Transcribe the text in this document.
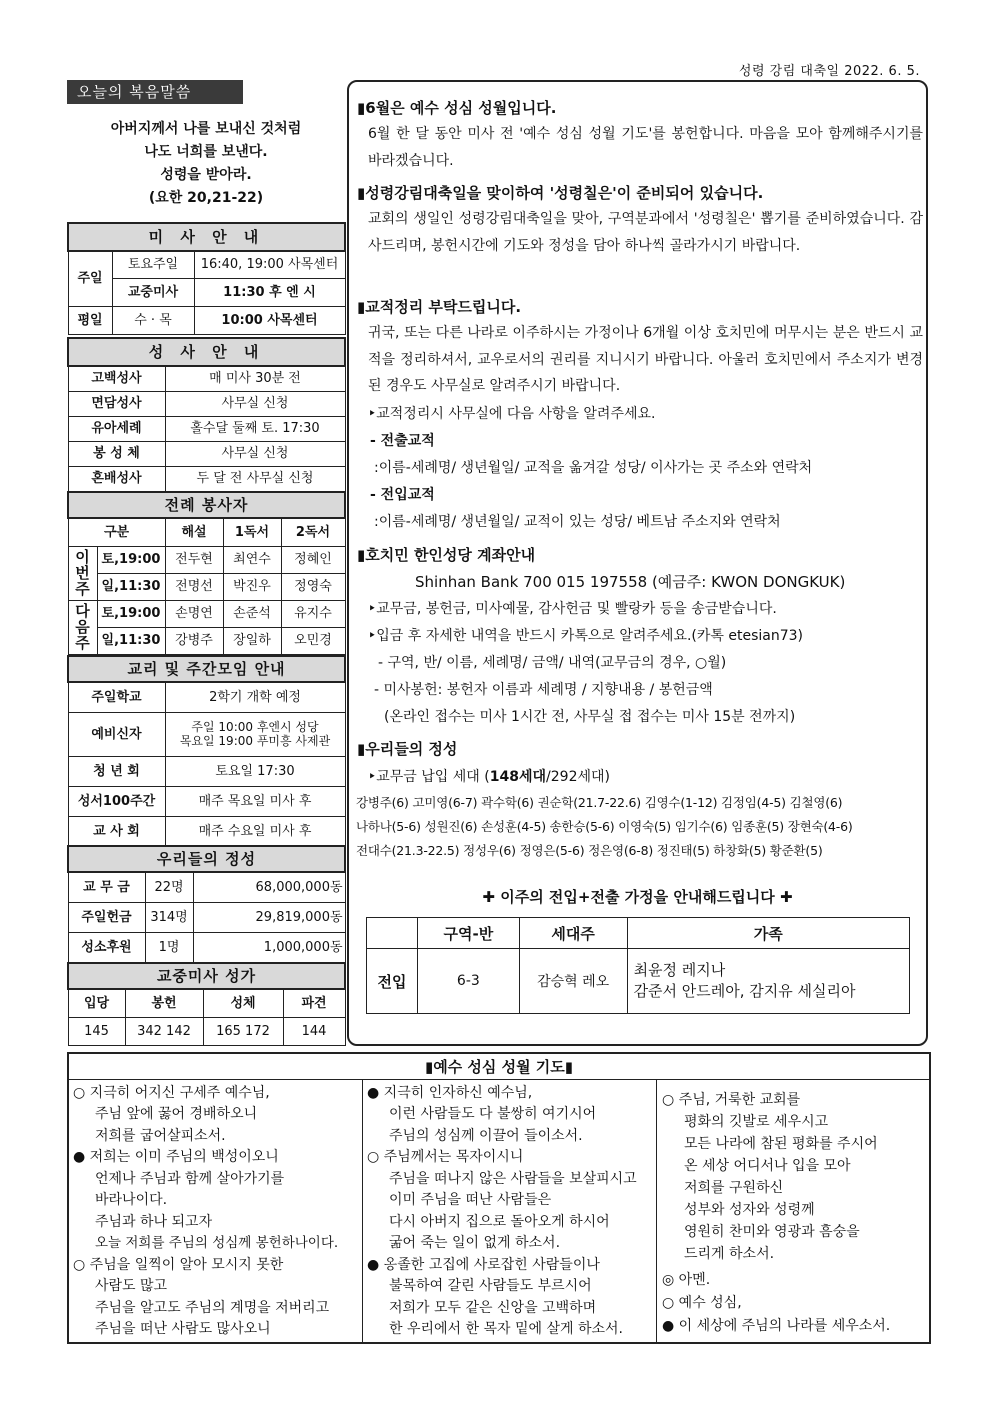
성령 강림 대축일 2022. 6. 5.
오늘의 복음말씀
아버지께서 나를 보내신 것처럼
나도 너희를 보낸다.
성령을 받아라.
(요한 20,21-22)
미 사 안 내		
주일	토요주일	16:40, 19:00 사목센터
	교중미사	11:30 후 엔 시
평일	수 · 목	10:00 사목센터
성 사 안 내	
고백성사	매 미사 30분 전
면담성사	사무실 신청
유아세례	홀수달 둘째 토. 17:30
봉 성 체	사무실 신청
혼배성사	두 달 전 사무실 신청
전례 봉사자				
구분		해설	1독서	2독서
이번주	토,19:00	전두현	최연수	정혜인
	일,11:30	전명선	박진우	정영숙
다음주	토,19:00	손명연	손준석	유지수
	일,11:30	강병주	장일하	오민경
교리 및 주간모임 안내	
주일학교	2학기 개학 예정
예비신자	주일 10:00 후엔시 성당
목요일 19:00 푸미흥 사제관

청 년 회	토요일 17:30
성서100주간	매주 목요일 미사 후
교 사 회	매주 수요일 미사 후
우리들의 정성		
교 무 금	22명	68,000,000동
주일헌금	314명	29,819,000동
성소후원	1명	1,000,000동
교중미사 성가			
입당	봉헌	성체	파견
145	342 142	165 172	144
▮6월은 예수 성심 성월입니다.
6월 한 달 동안 미사 전 '예수 성심 성월 기도'를 봉헌합니다. 마음을 모아 함께해주시기를 바라겠습니다.
▮성령강림대축일을 맞이하여 '성령칠은'이 준비되어 있습니다.
교회의 생일인 성령강림대축일을 맞아, 구역분과에서 '성령칠은' 뽑기를 준비하였습니다. 감사드리며, 봉헌시간에 기도와 정성을 담아 하나씩 골라가시기 바랍니다.
▮교적정리 부탁드립니다.
귀국, 또는 다른 나라로 이주하시는 가정이나 6개월 이상 호치민에 머무시는 분은 반드시 교적을 정리하셔서, 교우로서의 권리를 지니시기 바랍니다. 아울러 호치민에서 주소지가 변경된 경우도 사무실로 알려주시기 바랍니다.
‣교적정리시 사무실에 다음 사항을 알려주세요.
- 전출교적
:이름-세례명/ 생년월일/ 교적을 옮겨갈 성당/ 이사가는 곳 주소와 연락처
- 전입교적
:이름-세례명/ 생년월일/ 교적이 있는 성당/ 베트남 주소지와 연락처
▮호치민 한인성당 계좌안내
Shinhan Bank 700 015 197558 (예금주: KWON DONGKUK)
‣교무금, 봉헌금, 미사예물, 감사헌금 및 빨랑카 등을 송금받습니다.
‣입금 후 자세한 내역을 반드시 카톡으로 알려주세요.(카톡 etesian73)
- 구역, 반/ 이름, 세례명/ 금액/ 내역(교무금의 경우, ○월)
- 미사봉헌: 봉헌자 이름과 세례명 / 지향내용 / 봉헌금액
(온라인 접수는 미사 1시간 전, 사무실 접 접수는 미사 15분 전까지)
▮우리들의 정성
‣교무금 납입 세대 (148세대/292세대)
강병주(6) 고미영(6-7) 곽수학(6) 권순학(21.7-22.6) 김영수(1-12) 김정임(4-5) 김철영(6)
나하나(5-6) 성원진(6) 손성훈(4-5) 송한승(5-6) 이영숙(5) 임기수(6) 임종훈(5) 장현숙(4-6)
전대수(21.3-22.5) 정성우(6) 정영은(5-6) 정은영(6-8) 정진태(5) 하창화(5) 황준환(5)
✚ 이주의 전입+전출 가정을 안내해드립니다 ✚
	구역-반	세대주	가족
전입	6-3	감승혁 레오	최윤정 레지나
감준서 안드레아, 감지유 세실리아
▮예수 성심 성월 기도▮
○ 지극히 어지신 구세주 예수님,
주님 앞에 꿇어 경배하오니
저희를 굽어살피소서.
● 저희는 이미 주님의 백성이오니
언제나 주님과 함께 살아가기를
바라나이다.
주님과 하나 되고자
오늘 저희를 주님의 성심께 봉헌하나이다.
○ 주님을 일찍이 알아 모시지 못한
사람도 많고
주님을 알고도 주님의 계명을 저버리고
주님을 떠난 사람도 많사오니
● 지극히 인자하신 예수님,
이런 사람들도 다 불쌍히 여기시어
주님의 성심께 이끌어 들이소서.
○ 주님께서는 목자이시니
주님을 떠나지 않은 사람들을 보살피시고
이미 주님을 떠난 사람들은
다시 아버지 집으로 돌아오게 하시어
굶어 죽는 일이 없게 하소서.
● 옹졸한 고집에 사로잡힌 사람들이나
불목하여 갈린 사람들도 부르시어
저희가 모두 같은 신앙을 고백하며
한 우리에서 한 목자 밑에 살게 하소서.
○ 주님, 거룩한 교회를
평화의 깃발로 세우시고
모든 나라에 참된 평화를 주시어
온 세상 어디서나 입을 모아
저희를 구원하신
성부와 성자와 성령께
영원히 찬미와 영광과 흠숭을
드리게 하소서.
◎ 아멘.
○ 예수 성심,
● 이 세상에 주님의 나라를 세우소서.
